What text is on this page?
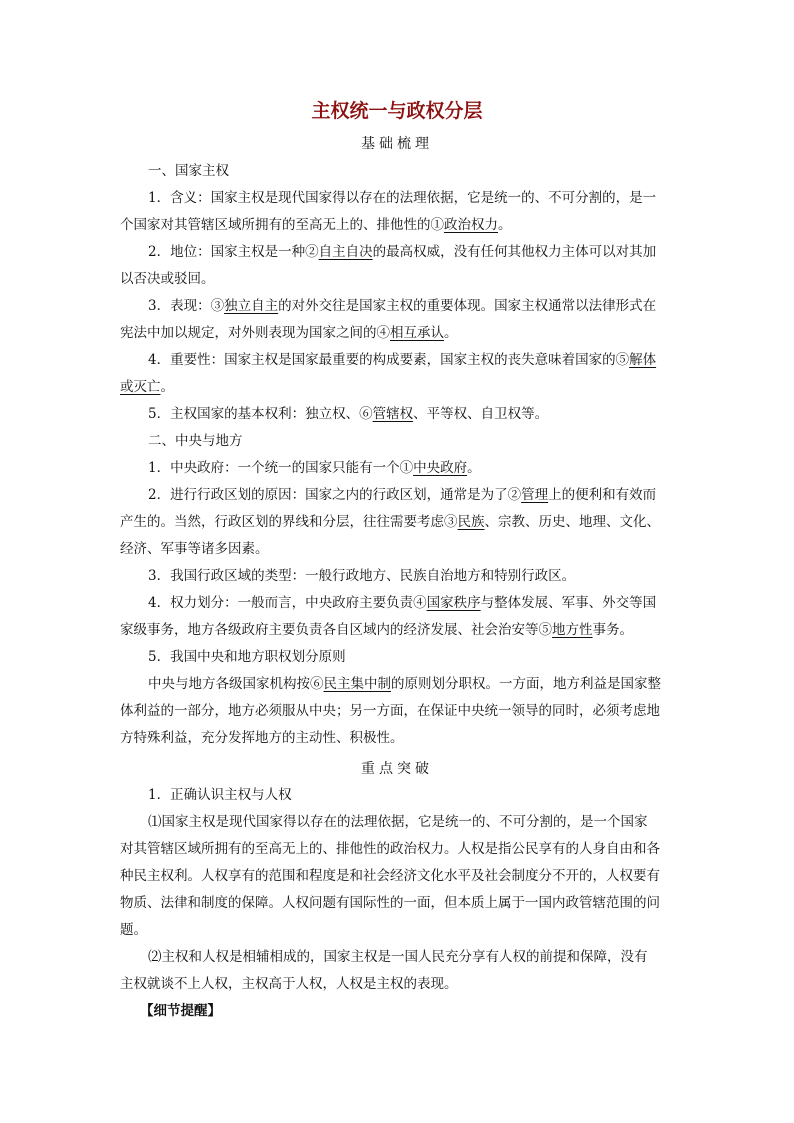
主权统一与政权分层
基础梳理
一、国家主权
1．含义：国家主权是现代国家得以存在的法理依据，它是统一的、不可分割的，是一
个国家对其管辖区域所拥有的至高无上的、排他性的①政治权力。
2．地位：国家主权是一种②自主自决的最高权威，没有任何其他权力主体可以对其加
以否决或驳回。
3．表现：③独立自主的对外交往是国家主权的重要体现。国家主权通常以法律形式在
宪法中加以规定，对外则表现为国家之间的④相互承认。
4．重要性：国家主权是国家最重要的构成要素，国家主权的丧失意味着国家的⑤解体
或灭亡。
5．主权国家的基本权利：独立权、⑥管辖权、平等权、自卫权等。
二、中央与地方
1．中央政府：一个统一的国家只能有一个①中央政府。
2．进行行政区划的原因：国家之内的行政区划，通常是为了②管理上的便利和有效而
产生的。当然，行政区划的界线和分层，往往需要考虑③民族、宗教、历史、地理、文化、
经济、军事等诸多因素。
3．我国行政区域的类型：一般行政地方、民族自治地方和特别行政区。
4．权力划分：一般而言，中央政府主要负责④国家秩序与整体发展、军事、外交等国
家级事务，地方各级政府主要负责各自区域内的经济发展、社会治安等⑤地方性事务。
5．我国中央和地方职权划分原则
中央与地方各级国家机构按⑥民主集中制的原则划分职权。一方面，地方利益是国家整
体利益的一部分，地方必须服从中央；另一方面，在保证中央统一领导的同时，必须考虑地
方特殊利益，充分发挥地方的主动性、积极性。
重点突破
1．正确认识主权与人权
⑴国家主权是现代国家得以存在的法理依据，它是统一的、不可分割的，是一个国家
对其管辖区域所拥有的至高无上的、排他性的政治权力。人权是指公民享有的人身自由和各
种民主权利。人权享有的范围和程度是和社会经济文化水平及社会制度分不开的，人权要有
物质、法律和制度的保障。人权问题有国际性的一面，但本质上属于一国内政管辖范围的问
题。
⑵主权和人权是相辅相成的，国家主权是一国人民充分享有人权的前提和保障，没有
主权就谈不上人权，主权高于人权，人权是主权的表现。
【细节提醒】
